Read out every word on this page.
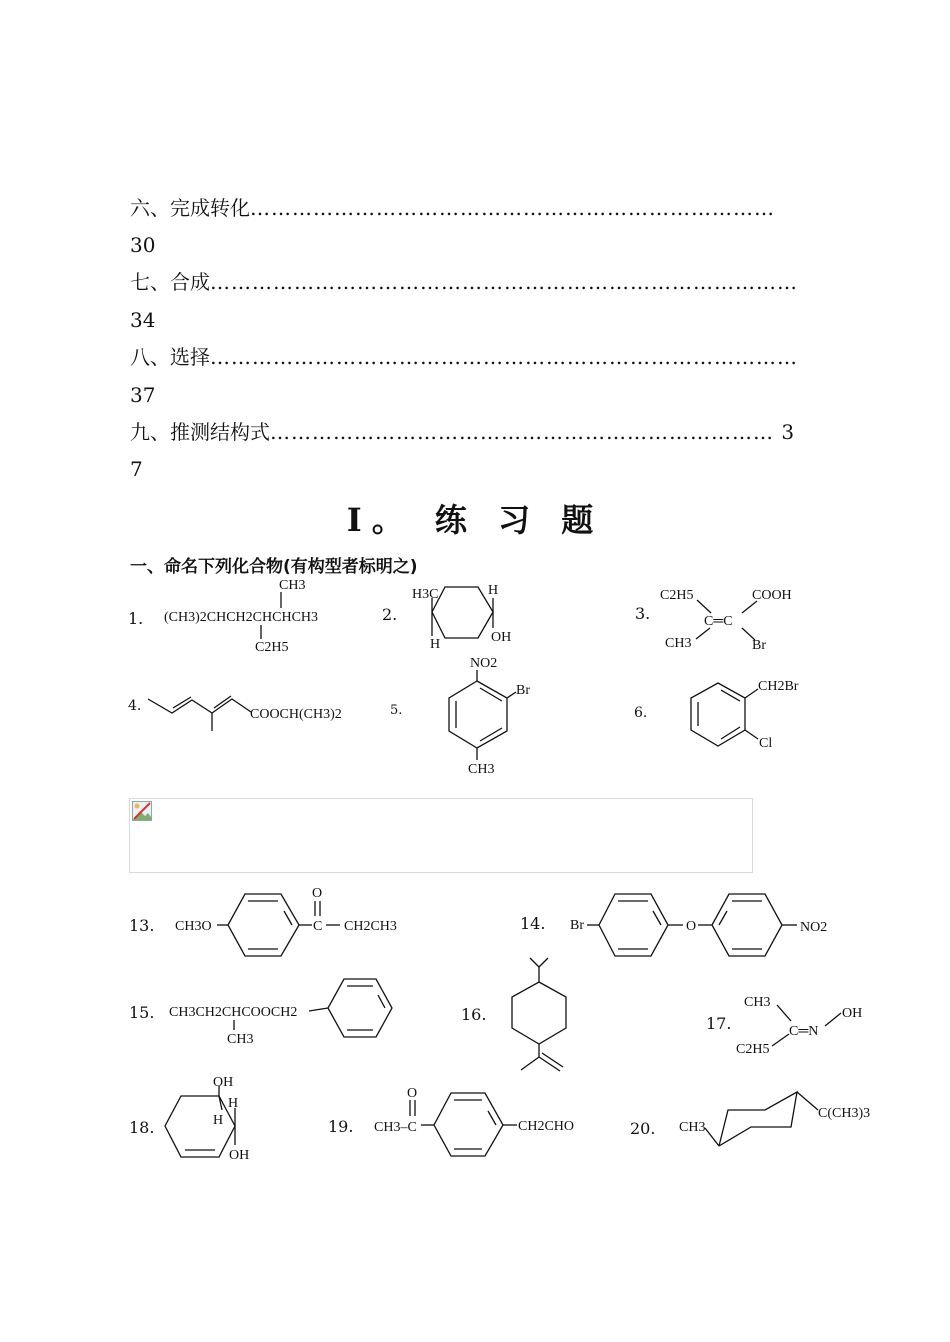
六、完成转化…………………………………………………………………
30
七、合成…………………………………………………………………………
34
八、选择…………………………………………………………………………
37
九、推测结构式……………………………………………………………… 3
7
Ⅰ。 练 习 题
一、命名下列化合物(有构型者标明之)
1.	2.	3.
4.	5.	6.
13.	14.
15.	16.	17.
18.	19.	20.
(CH3)2CHCH2CHCHCH3
CH3
C2H5
H3C	H
H	OH
C2H5	COOH
CH3	Br
C═C
COOCH(CH3)2
NO2
Br
CH3
CH2Br
Cl
CH3O	C
O
CH2CH3	Br	O	NO2
CH3CH2CHCOOCH2
CH3
CH3
C═N
OH
C2H5
OH
H
H
OH
O
CH3–C	CH2CHO	CH3
C(CH3)3
